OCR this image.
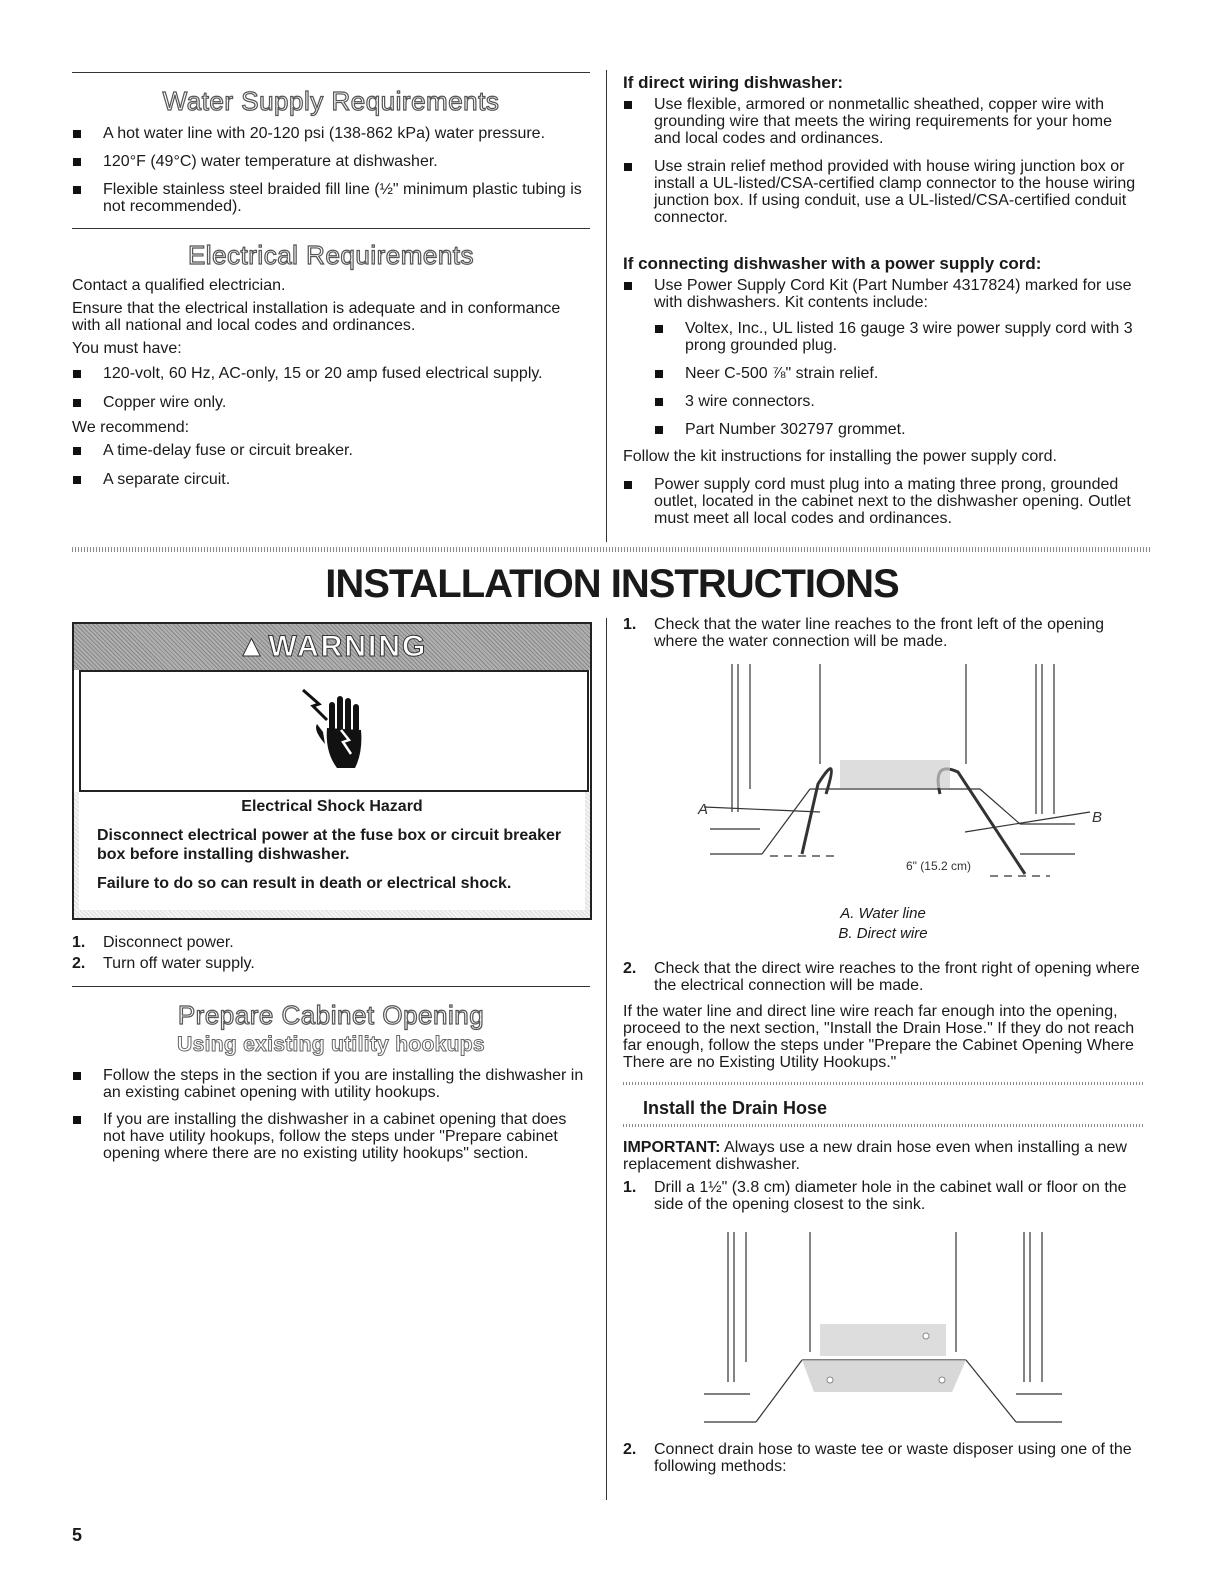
Water Supply Requirements
A hot water line with 20-120 psi (138-862 kPa) water pressure.
120°F (49°C) water temperature at dishwasher.
Flexible stainless steel braided fill line (½" minimum plastic tubing is not recommended).
Electrical Requirements

Contact a qualified electrician.

Ensure that the electrical installation is adequate and in conformance with all national and local codes and ordinances.

You must have:

120-volt, 60 Hz, AC-only, 15 or 20 amp fused electrical supply.
Copper wire only.

We recommend:

A time-delay fuse or circuit breaker.
A separate circuit.
If direct wiring dishwasher:
Use flexible, armored or nonmetallic sheathed, copper wire with grounding wire that meets the wiring requirements for your home and local codes and ordinances.
Use strain relief method provided with house wiring junction box or install a UL-listed/CSA-certified clamp connector to the house wiring junction box. If using conduit, use a UL-listed/CSA-certified conduit connector.
If connecting dishwasher with a power supply cord:
Use Power Supply Cord Kit (Part Number 4317824) marked for use with dishwashers. Kit contents include:
Voltex, Inc., UL listed 16 gauge 3 wire power supply cord with 3 prong grounded plug.
Neer C-500 ⅞" strain relief.
3 wire connectors.
Part Number 302797 grommet.

Follow the kit instructions for installing the power supply cord.

Power supply cord must plug into a mating three prong, grounded outlet, located in the cabinet next to the dishwasher opening. Outlet must meet all local codes and ordinances.
INSTALLATION INSTRUCTIONS
▲WARNING

Electrical Shock Hazard

Disconnect electrical power at the fuse box or circuit breaker box before installing dishwasher.

Failure to do so can result in death or electrical shock.

1. Disconnect power.
2. Turn off water supply.
Prepare Cabinet Opening
Using existing utility hookups
Follow the steps in the section if you are installing the dishwasher in an existing cabinet opening with utility hookups.
If you are installing the dishwasher in a cabinet opening that does not have utility hookups, follow the steps under "Prepare cabinet opening where there are no existing utility hookups" section.
1. Check that the water line reaches to the front left of the opening where the water connection will be made.
A	B
6" (15.2 cm)

A. Water line

B. Direct wire

2. Check that the direct wire reaches to the front right of opening where the electrical connection will be made.

If the water line and direct line wire reach far enough into the opening, proceed to the next section, "Install the Drain Hose." If they do not reach far enough, follow the steps under "Prepare the Cabinet Opening Where There are no Existing Utility Hookups."

Install the Drain Hose

IMPORTANT: Always use a new drain hose even when installing a new replacement dishwasher.

1. Drill a 1½" (3.8 cm) diameter hole in the cabinet wall or floor on the side of the opening closest to the sink.
2. Connect drain hose to waste tee or waste disposer using one of the following methods:
5
